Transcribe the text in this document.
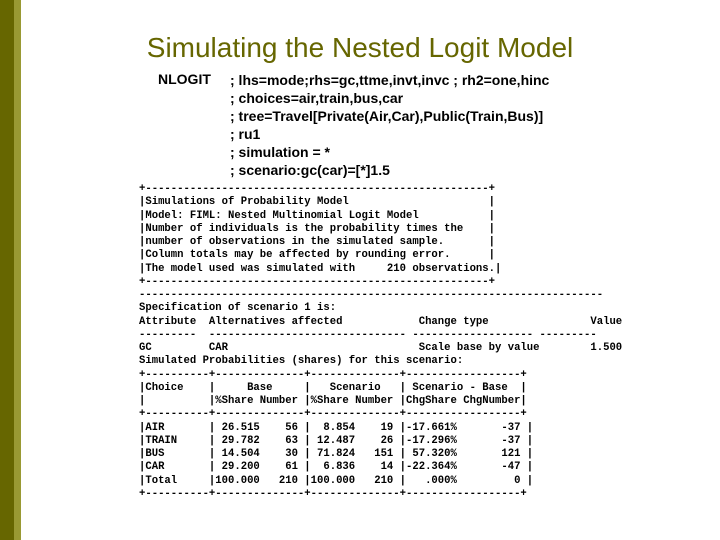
Simulating the Nested Logit Model
NLOGIT ; lhs=mode;rhs=gc,ttme,invt,invc ; rh2=one,hinc
; choices=air,train,bus,car
; tree=Travel[Private(Air,Car),Public(Train,Bus)]
; ru1
; simulation = *
; scenario:gc(car)=[*]1.5
+------------------------------------------------------+
|Simulations of Probability Model                      |
|Model: FIML: Nested Multinomial Logit Model           |
|Number of individuals is the probability times the    |
|number of observations in the simulated sample.       |
|Column totals may be affected by rounding error.      |
|The model used was simulated with     210 observations.|
+------------------------------------------------------+
-------------------------------------------------------------------------
Specification of scenario 1 is:
Attribute  Alternatives affected            Change type                Value
---------  ------------------------------- ------------------- ---------
GC         CAR                              Scale base by value        1.500
Simulated Probabilities (shares) for this scenario:
+----------+--------------+--------------+------------------+
|Choice    |     Base     |   Scenario   | Scenario - Base  |
|          |%Share Number |%Share Number |ChgShare ChgNumber|
+----------+--------------+--------------+------------------+
|AIR       | 26.515    56 |  8.854    19 |-17.661%       -37 |
|TRAIN     | 29.782    63 | 12.487    26 |-17.296%       -37 |
|BUS       | 14.504    30 | 71.824   151 | 57.320%       121 |
|CAR       | 29.200    61 |  6.836    14 |-22.364%       -47 |
|Total     |100.000   210 |100.000   210 |   .000%         0 |
+----------+--------------+--------------+------------------+
